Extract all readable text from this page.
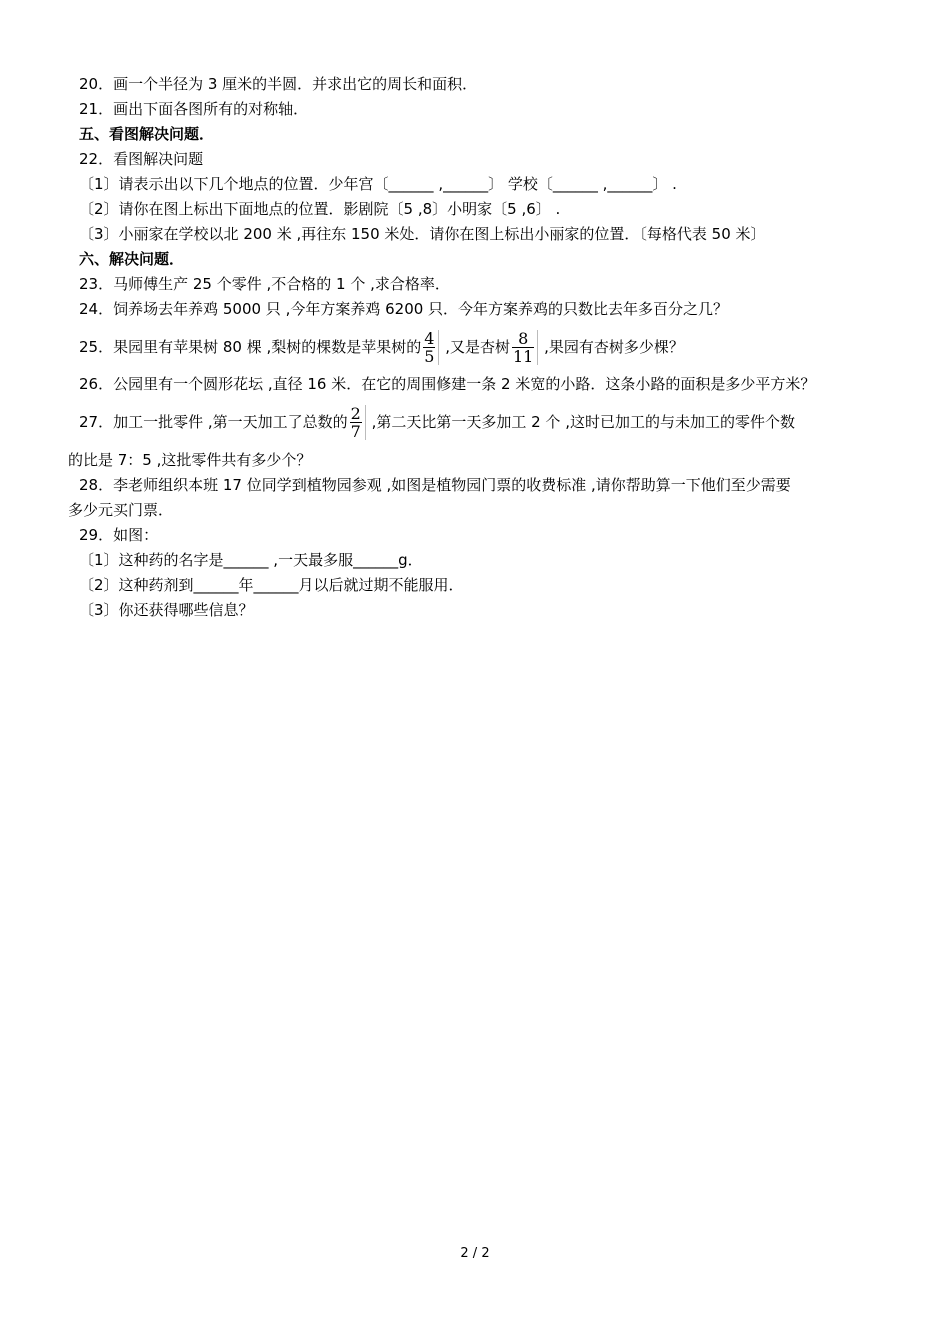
20．画一个半径为 3 厘米的半圆．并求出它的周长和面积．
21．画出下面各图所有的对称轴．
五、看图解决问题．
22．看图解决问题
〔1〕请表示出以下几个地点的位置．少年宫〔______ ,______〕 学校〔______ ,______〕 .
〔2〕请你在图上标出下面地点的位置．影剧院〔5 ,8〕小明家〔5 ,6〕 .
〔3〕小丽家在学校以北 200 米 ,再往东 150 米处．请你在图上标出小丽家的位置．〔每格代表 50 米〕
六、解决问题．
23．马师傅生产 25 个零件 ,不合格的 1 个 ,求合格率．
24．饲养场去年养鸡 5000 只 ,今年方案养鸡 6200 只．今年方案养鸡的只数比去年多百分之几？
25．果园里有苹果树 80 棵 ,梨树的棵数是苹果树的 $\frac{4}{5}$ ,又是杏树 $\frac{8}{11}$ ,果园有杏树多少棵？
26．公园里有一个圆形花坛 ,直径 16 米．在它的周围修建一条 2 米宽的小路．这条小路的面积是多少平方米？
27．加工一批零件 ,第一天加工了总数的 $\frac{2}{7}$ ,第二天比第一天多加工 2 个 ,这时已加工的与未加工的零件个数
的比是 7：5 ,这批零件共有多少个？
28．李老师组织本班 17 位同学到植物园参观 ,如图是植物园门票的收费标准 ,请你帮助算一下他们至少需要
多少元买门票．
29．如图：
〔1〕这种药的名字是______ ,一天最多服______g．
〔2〕这种药剂到______年______月以后就过期不能服用．
〔3〕你还获得哪些信息？
2 / 2
